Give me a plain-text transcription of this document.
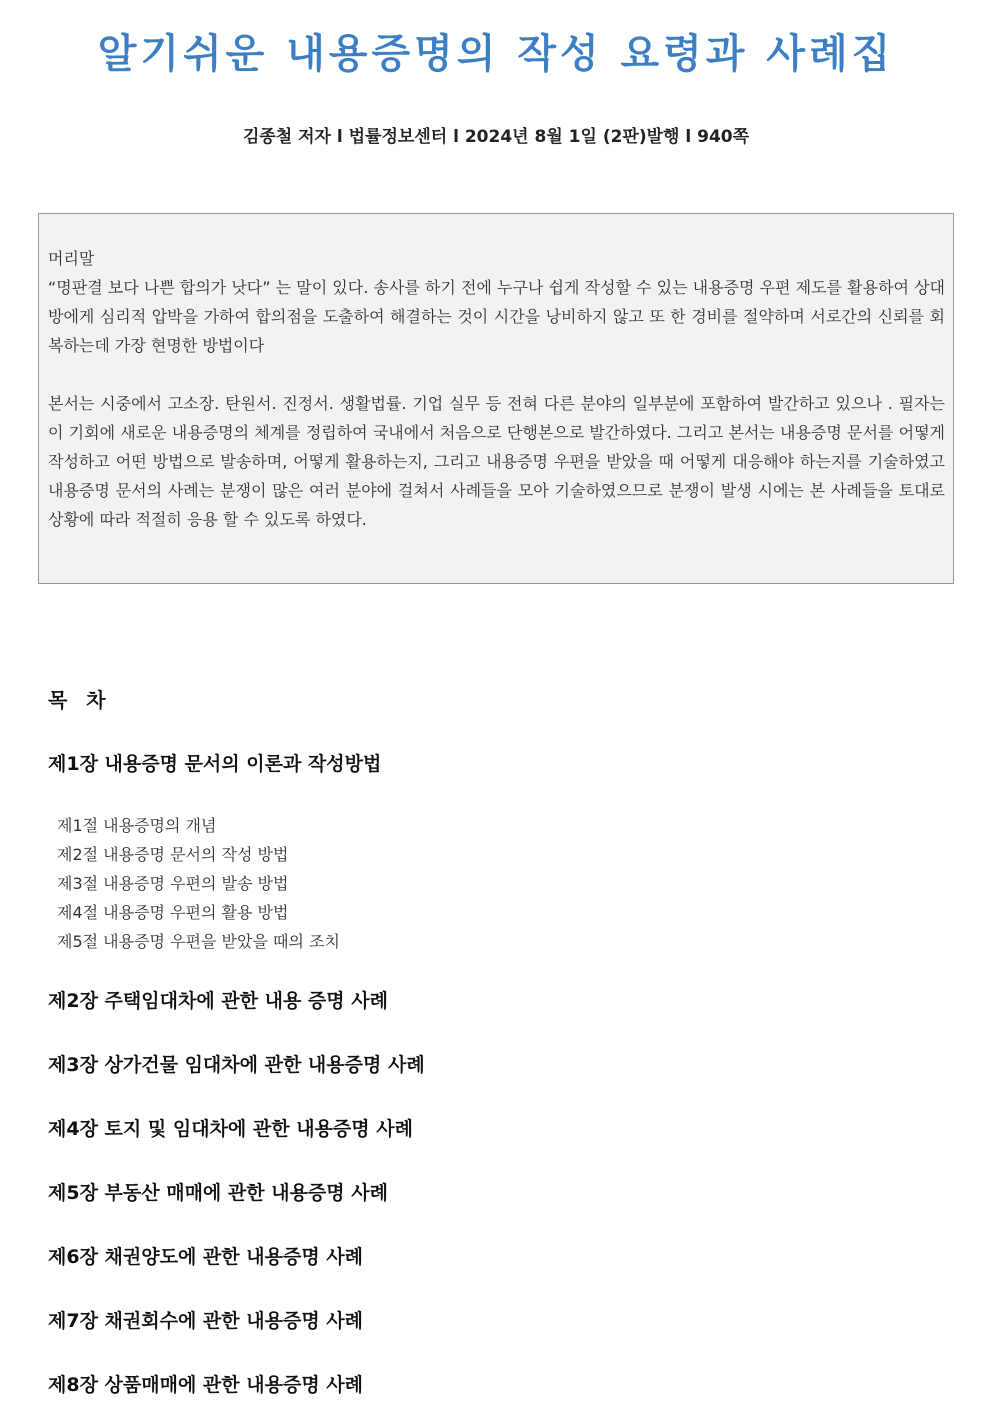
알기쉬운 내용증명의 작성 요령과 사례집
김종철 저자 l 법률정보센터 l 2024년 8월 1일 (2판)발행 l 940쪽

머리말

“명판결 보다 나쁜 합의가 낫다” 는 말이 있다. 송사를 하기 전에 누구나 쉽게 작성할 수 있는 내용증명 우편 제도를 활용하여 상대방에게 심리적 압박을 가하여 합의점을 도출하여 해결하는 것이 시간을 낭비하지 않고 또 한 경비를 절약하며 서로간의 신뢰를 회복하는데 가장 현명한 방법이다

본서는 시중에서 고소장. 탄원서. 진정서. 생활법률. 기업 실무 등 전혀 다른 분야의 일부분에 포함하여 발간하고 있으나 . 필자는 이 기회에 새로운 내용증명의 체계를 정립하여 국내에서 처음으로 단행본으로 발간하였다. 그리고 본서는 내용증명 문서를 어떻게 작성하고 어떤 방법으로 발송하며, 어떻게 활용하는지, 그리고 내용증명 우편을 받았을 때 어떻게 대응해야 하는지를 기술하였고 내용증명 문서의 사례는 분쟁이 많은 여러 분야에 걸쳐서 사례들을 모아 기술하였으므로 분쟁이 발생 시에는 본 사례들을 토대로 상황에 따라 적절히 응용 할 수 있도록 하였다.

목 차
제1장 내용증명 문서의 이론과 작성방법
제1절 내용증명의 개념
제2절 내용증명 문서의 작성 방법
제3절 내용증명 우편의 발송 방법
제4절 내용증명 우편의 활용 방법
제5절 내용증명 우편을 받았을 때의 조치
제2장 주택임대차에 관한 내용 증명 사례
제3장 상가건물 임대차에 관한 내용증명 사례
제4장 토지 및 임대차에 관한 내용증명 사례
제5장 부동산 매매에 관한 내용증명 사례
제6장 채권양도에 관한 내용증명 사례
제7장 채권회수에 관한 내용증명 사례
제8장 상품매매에 관한 내용증명 사례
